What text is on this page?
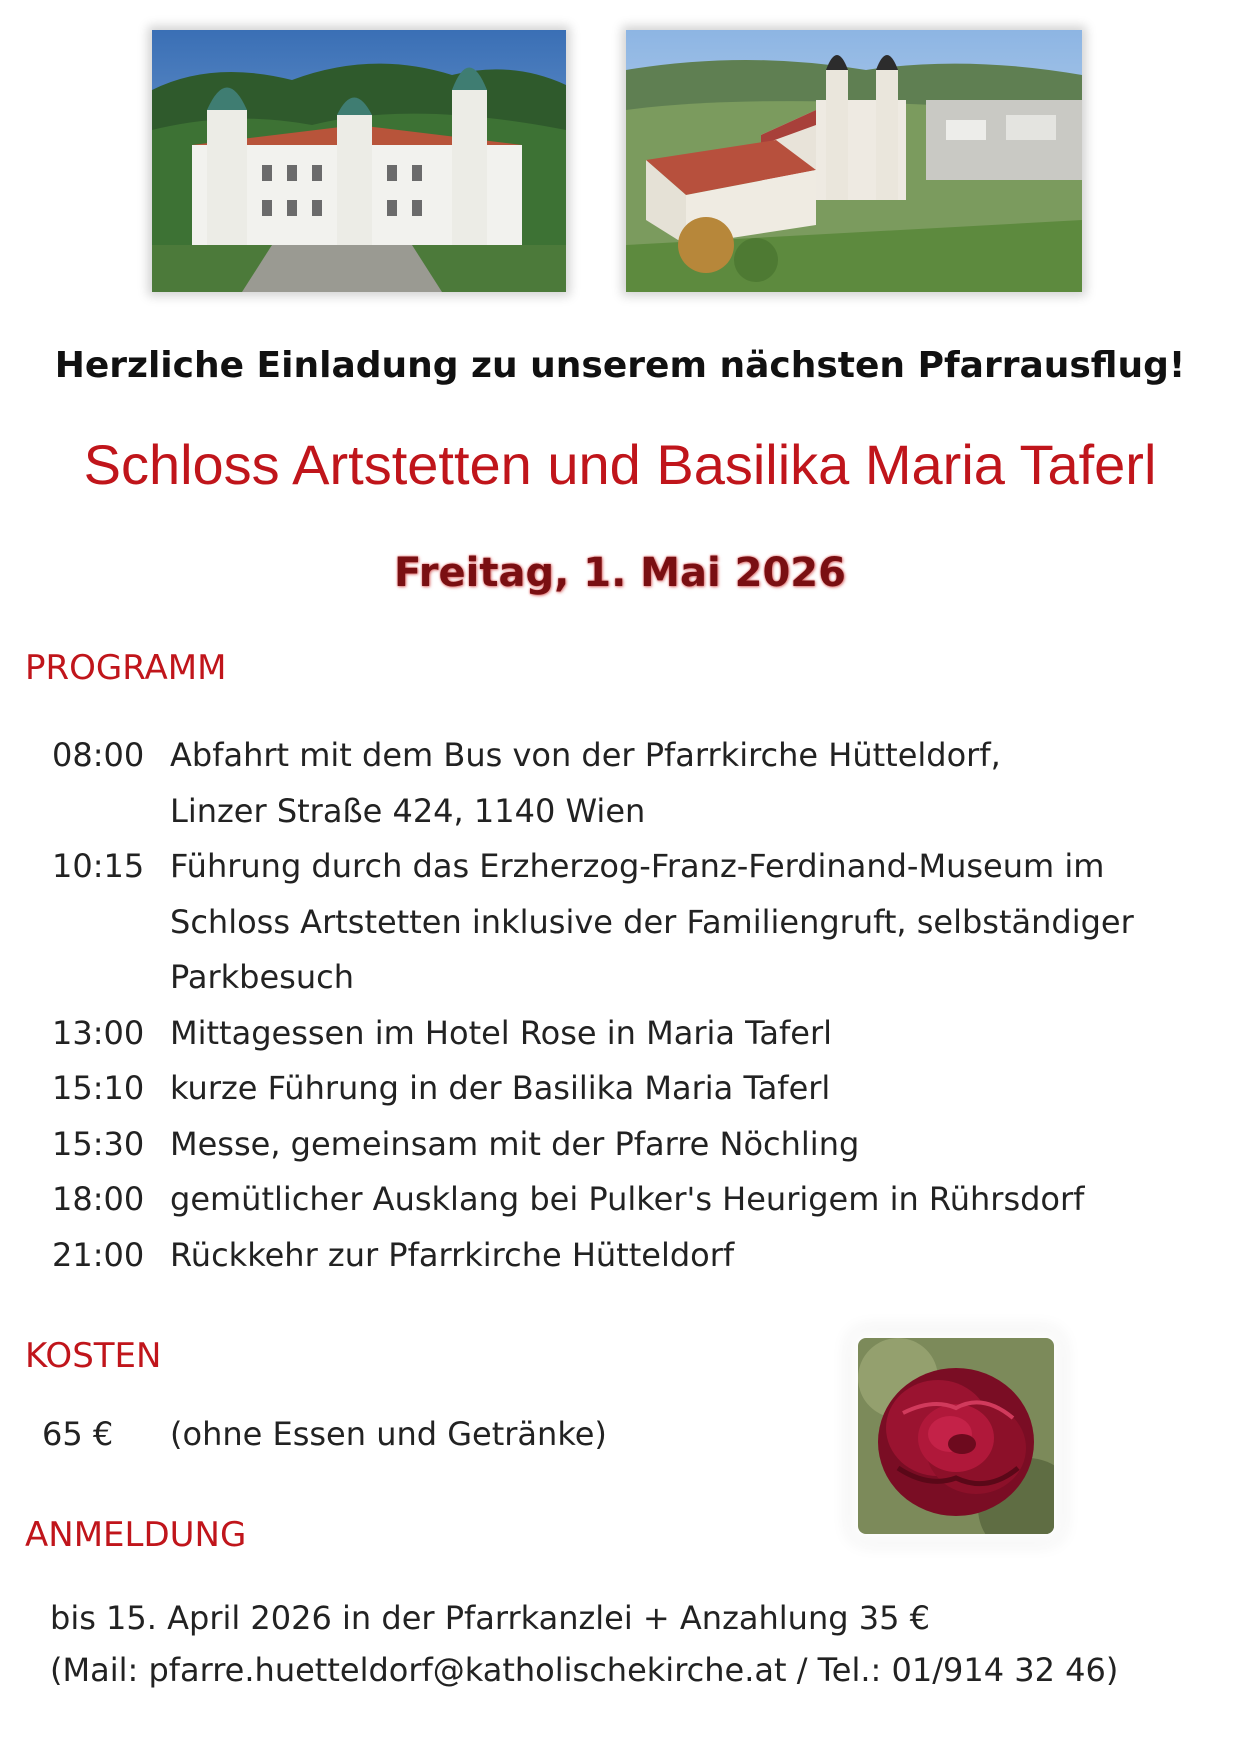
Herzliche Einladung zu unserem nächsten Pfarrausflug!
Schloss Artstetten und Basilika Maria Taferl
Freitag, 1. Mai 2026
PROGRAMM
08:00 Abfahrt mit dem Bus von der Pfarrkirche Hütteldorf,
Linzer Straße 424, 1140 Wien
10:15 Führung durch das Erzherzog-Franz-Ferdinand-Museum im
Schloss Artstetten inklusive der Familiengruft, selbständiger
Parkbesuch
13:00 Mittagessen im Hotel Rose in Maria Taferl
15:10 kurze Führung in der Basilika Maria Taferl
15:30 Messe, gemeinsam mit der Pfarre Nöchling
18:00 gemütlicher Ausklang bei Pulker's Heurigem in Rührsdorf
21:00 Rückkehr zur Pfarrkirche Hütteldorf
KOSTEN
65 €	(ohne Essen und Getränke)
ANMELDUNG
bis 15. April 2026 in der Pfarrkanzlei + Anzahlung 35 €
(Mail: pfarre.huetteldorf@katholischekirche.at / Tel.: 01/914 32 46)
